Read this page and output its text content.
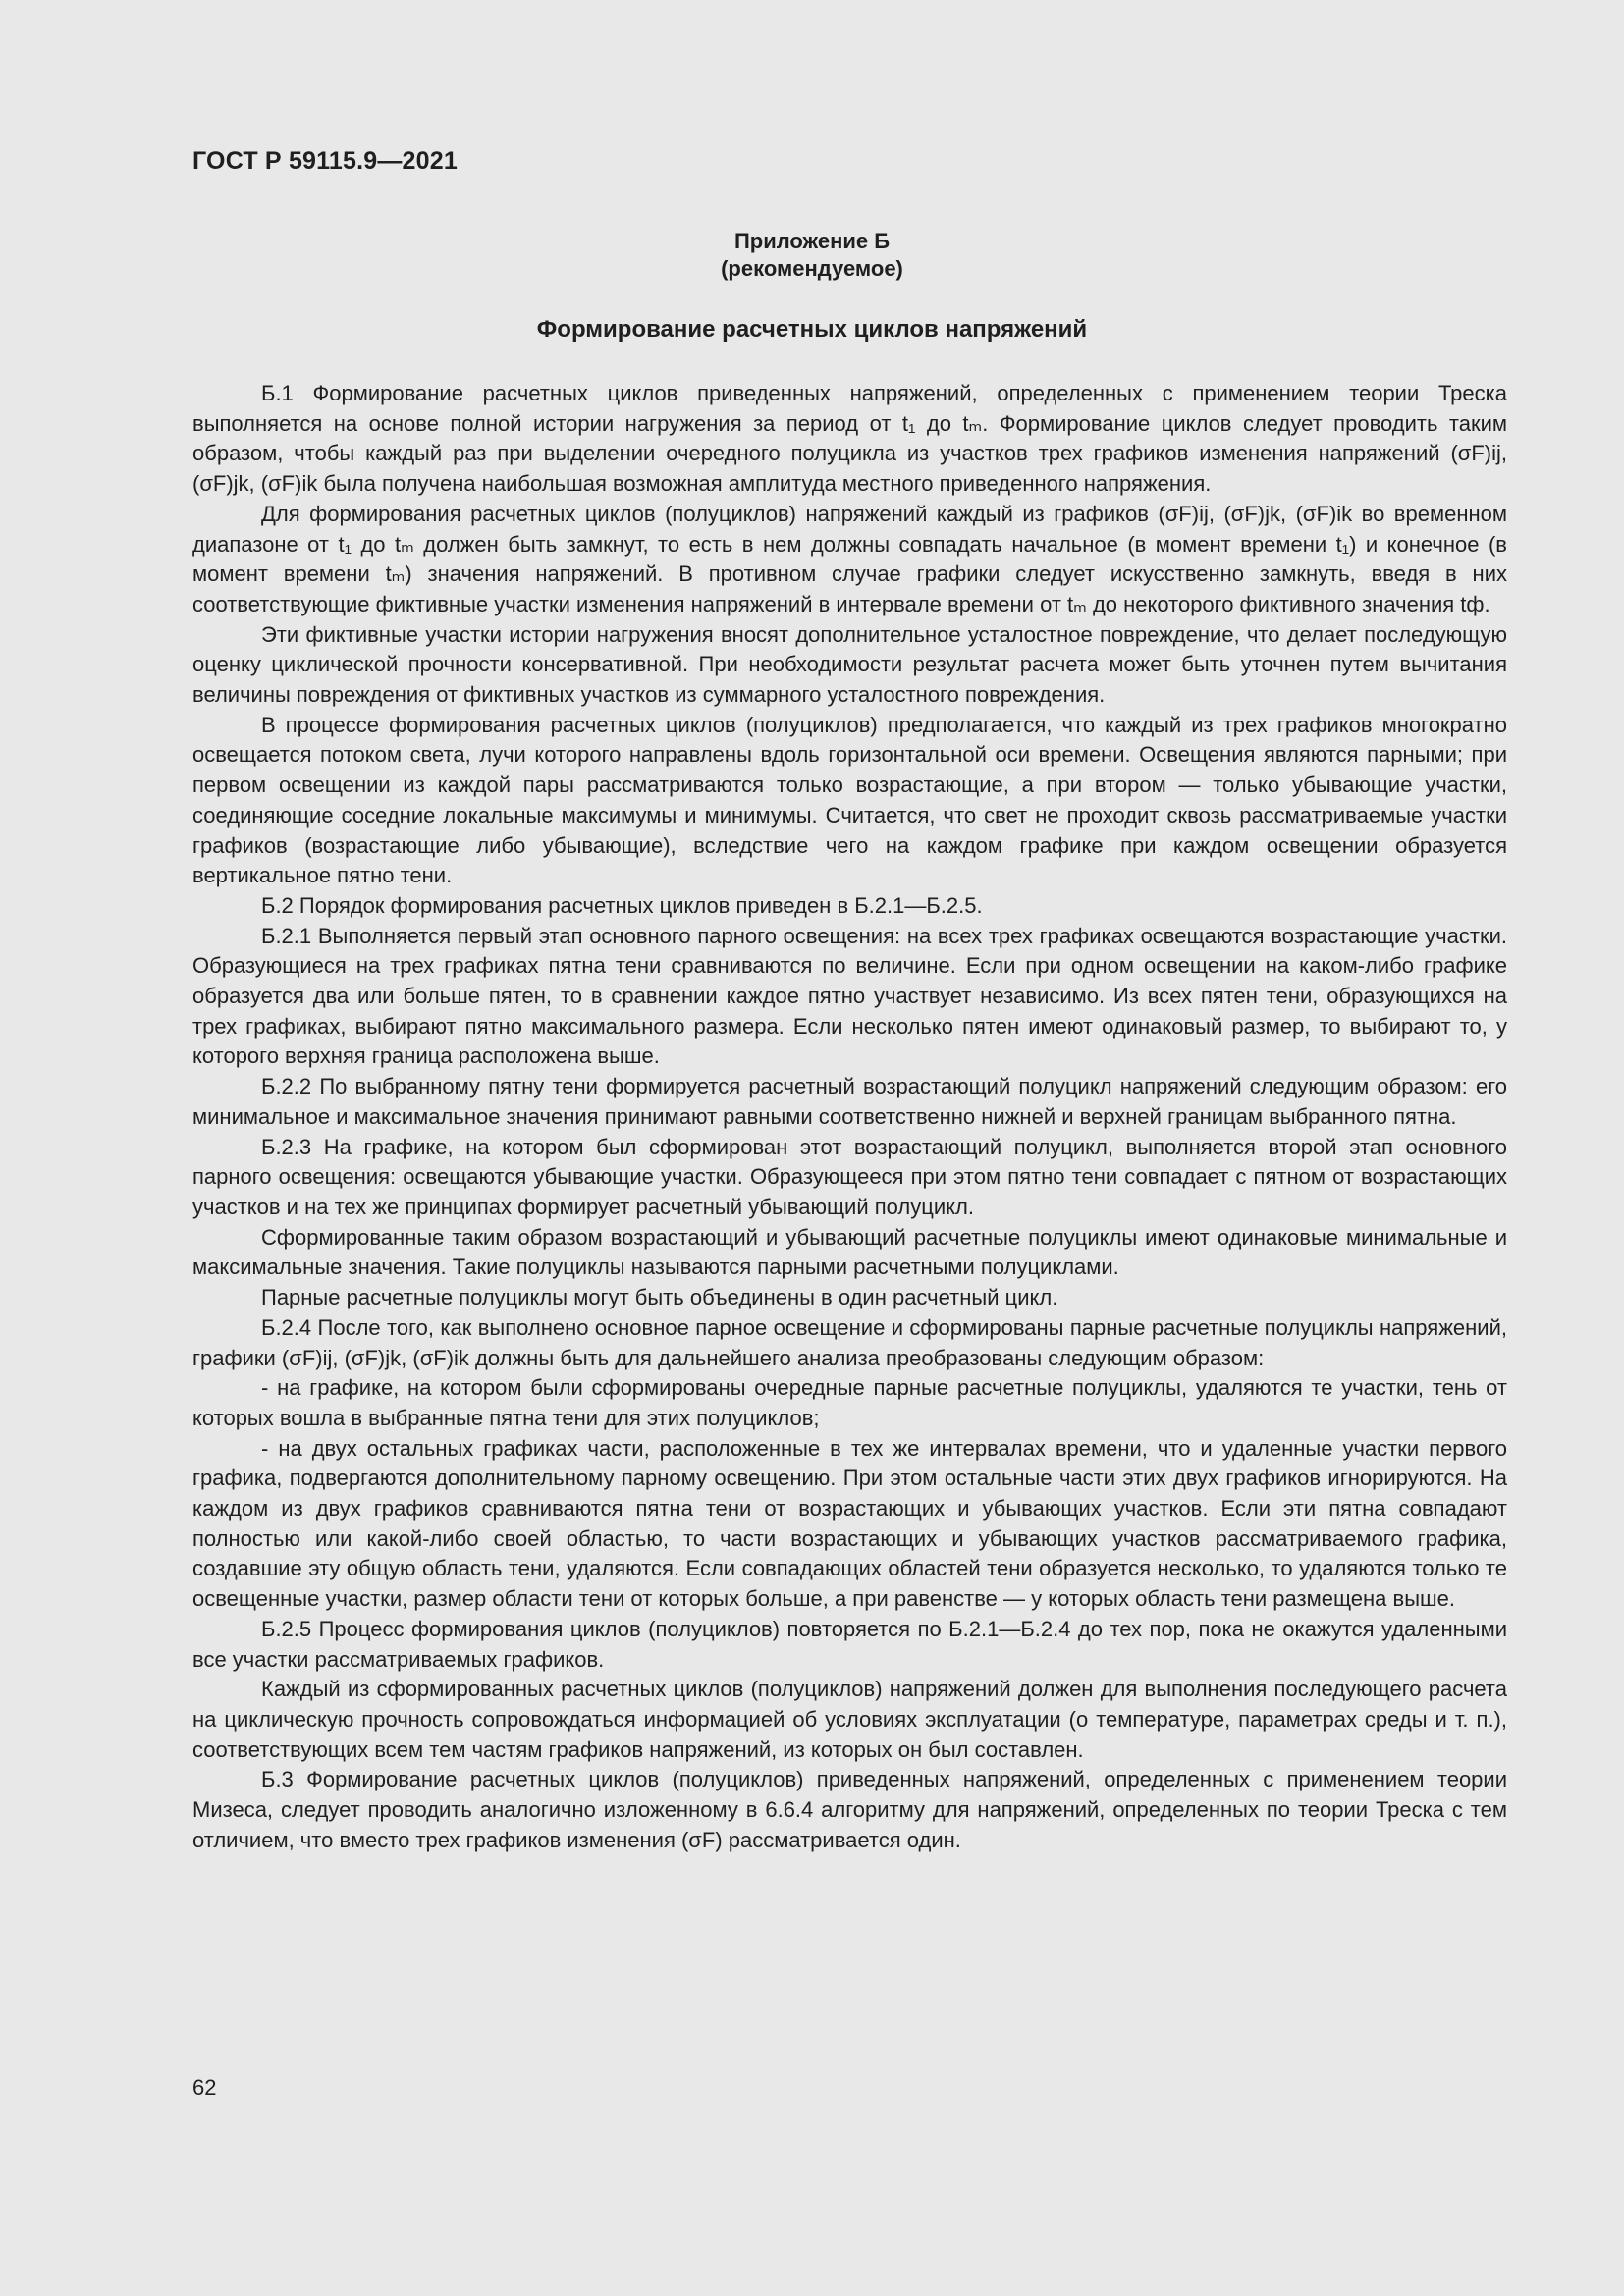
ГОСТ Р 59115.9—2021
Приложение Б
(рекомендуемое)
Формирование расчетных циклов напряжений

Б.1 Формирование расчетных циклов приведенных напряжений, определенных с применением теории Треска выполняется на основе полной истории нагружения за период от t₁ до tₘ. Формирование циклов следует проводить таким образом, чтобы каждый раз при выделении очередного полуцикла из участков трех графиков изменения напряжений (σF)ij, (σF)jk, (σF)ik была получена наибольшая возможная амплитуда местного приведенного напряжения.

Для формирования расчетных циклов (полуциклов) напряжений каждый из графиков (σF)ij, (σF)jk, (σF)ik во временном диапазоне от t₁ до tₘ должен быть замкнут, то есть в нем должны совпадать начальное (в момент времени t₁) и конечное (в момент времени tₘ) значения напряжений. В противном случае графики следует искусственно замкнуть, введя в них соответствующие фиктивные участки изменения напряжений в интервале времени от tₘ до некоторого фиктивного значения tф.

Эти фиктивные участки истории нагружения вносят дополнительное усталостное повреждение, что делает последующую оценку циклической прочности консервативной. При необходимости результат расчета может быть уточнен путем вычитания величины повреждения от фиктивных участков из суммарного усталостного повреждения.

В процессе формирования расчетных циклов (полуциклов) предполагается, что каждый из трех графиков многократно освещается потоком света, лучи которого направлены вдоль горизонтальной оси времени. Освещения являются парными; при первом освещении из каждой пары рассматриваются только возрастающие, а при втором — только убывающие участки, соединяющие соседние локальные максимумы и минимумы. Считается, что свет не проходит сквозь рассматриваемые участки графиков (возрастающие либо убывающие), вследствие чего на каждом графике при каждом освещении образуется вертикальное пятно тени.

Б.2 Порядок формирования расчетных циклов приведен в Б.2.1—Б.2.5.

Б.2.1 Выполняется первый этап основного парного освещения: на всех трех графиках освещаются возрастающие участки. Образующиеся на трех графиках пятна тени сравниваются по величине. Если при одном освещении на каком-либо графике образуется два или больше пятен, то в сравнении каждое пятно участвует независимо. Из всех пятен тени, образующихся на трех графиках, выбирают пятно максимального размера. Если несколько пятен имеют одинаковый размер, то выбирают то, у которого верхняя граница расположена выше.

Б.2.2 По выбранному пятну тени формируется расчетный возрастающий полуцикл напряжений следующим образом: его минимальное и максимальное значения принимают равными соответственно нижней и верхней границам выбранного пятна.

Б.2.3 На графике, на котором был сформирован этот возрастающий полуцикл, выполняется второй этап основного парного освещения: освещаются убывающие участки. Образующееся при этом пятно тени совпадает с пятном от возрастающих участков и на тех же принципах формирует расчетный убывающий полуцикл.

Сформированные таким образом возрастающий и убывающий расчетные полуциклы имеют одинаковые минимальные и максимальные значения. Такие полуциклы называются парными расчетными полуциклами.

Парные расчетные полуциклы могут быть объединены в один расчетный цикл.

Б.2.4 После того, как выполнено основное парное освещение и сформированы парные расчетные полуциклы напряжений, графики (σF)ij, (σF)jk, (σF)ik должны быть для дальнейшего анализа преобразованы следующим образом:

- на графике, на котором были сформированы очередные парные расчетные полуциклы, удаляются те участки, тень от которых вошла в выбранные пятна тени для этих полуциклов;

- на двух остальных графиках части, расположенные в тех же интервалах времени, что и удаленные участки первого графика, подвергаются дополнительному парному освещению. При этом остальные части этих двух графиков игнорируются. На каждом из двух графиков сравниваются пятна тени от возрастающих и убывающих участков. Если эти пятна совпадают полностью или какой-либо своей областью, то части возрастающих и убывающих участков рассматриваемого графика, создавшие эту общую область тени, удаляются. Если совпадающих областей тени образуется несколько, то удаляются только те освещенные участки, размер области тени от которых больше, а при равенстве — у которых область тени размещена выше.

Б.2.5 Процесс формирования циклов (полуциклов) повторяется по Б.2.1—Б.2.4 до тех пор, пока не окажутся удаленными все участки рассматриваемых графиков.

Каждый из сформированных расчетных циклов (полуциклов) напряжений должен для выполнения последующего расчета на циклическую прочность сопровождаться информацией об условиях эксплуатации (о температуре, параметрах среды и т. п.), соответствующих всем тем частям графиков напряжений, из которых он был составлен.

Б.3 Формирование расчетных циклов (полуциклов) приведенных напряжений, определенных с применением теории Мизеса, следует проводить аналогично изложенному в 6.6.4 алгоритму для напряжений, определенных по теории Треска с тем отличием, что вместо трех графиков изменения (σF) рассматривается один.

62
